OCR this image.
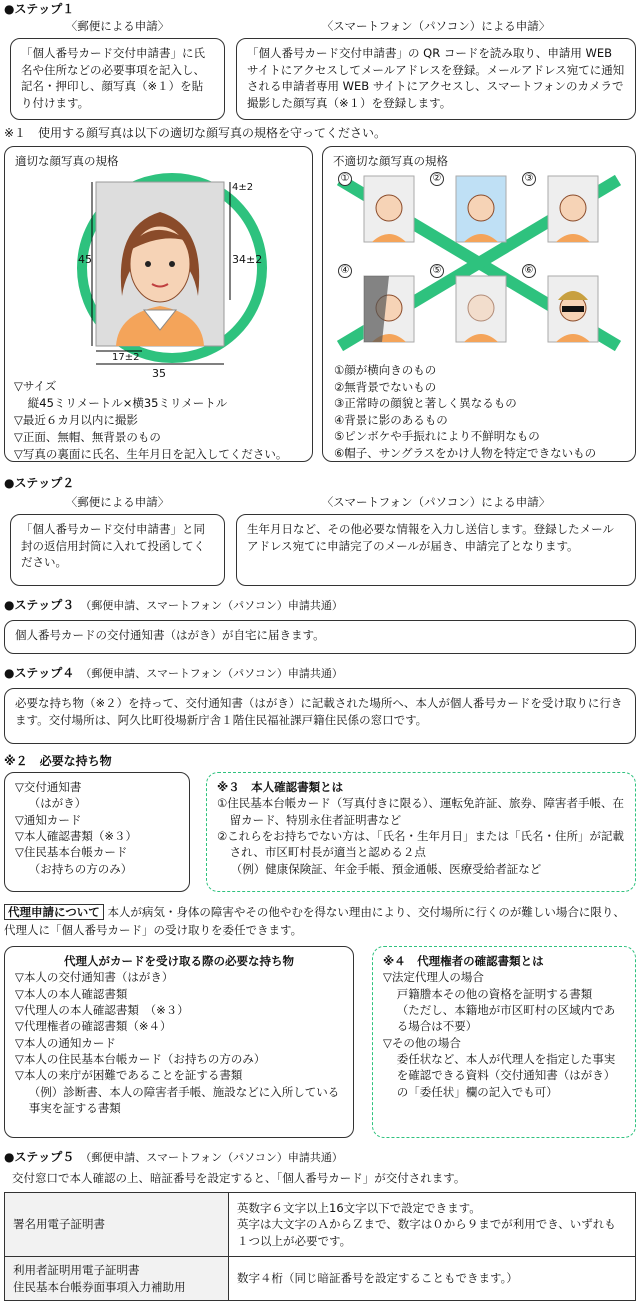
●ステップ１
〈郵便による申請〉	〈スマートフォン（パソコン）による申請〉
「個人番号カード交付申請書」に氏名や住所などの必要事項を記入し、記名・押印し、顔写真（※１）を貼り付けます。
「個人番号カード交付申請書」の QR コードを読み取り、申請用 WEB サイトにアクセスしてメールアドレスを登録。メールアドレス宛てに通知される申請者専用 WEB サイトにアクセスし、スマートフォンのカメラで撮影した顔写真（※１）を登録します。
※１　使用する顔写真は以下の適切な顔写真の規格を守ってください。
適切な顔写真の規格
45
4±2
34±2
17±2
35
▽サイズ
縦45ミリメートル×横35ミリメートル
▽最近６カ月以内に撮影
▽正面、無帽、無背景のもの
▽写真の裏面に氏名、生年月日を記入してください。
不適切な顔写真の規格
①	②	③
④	⑤	⑥
①顔が横向きのもの
②無背景でないもの
③正常時の顔貌と著しく異なるもの
④背景に影のあるもの
⑤ピンボケや手振れにより不鮮明なもの
⑥帽子、サングラスをかけ人物を特定できないもの
●ステップ２
〈郵便による申請〉	〈スマートフォン（パソコン）による申請〉
「個人番号カード交付申請書」と同封の返信用封筒に入れて投函してください。
生年月日など、その他必要な情報を入力し送信します。登録したメールアドレス宛てに申請完了のメールが届き、申請完了となります。
●ステップ３ （郵便申請、スマートフォン（パソコン）申請共通）
個人番号カードの交付通知書（はがき）が自宅に届きます。
●ステップ４ （郵便申請、スマートフォン（パソコン）申請共通）
必要な持ち物（※２）を持って、交付通知書（はがき）に記載された場所へ、本人が個人番号カードを受け取りに行きます。交付場所は、阿久比町役場新庁舎１階住民福祉課戸籍住民係の窓口です。
※２　必要な持ち物
▽交付通知書
（はがき）
▽通知カード
▽本人確認書類（※３）
▽住民基本台帳カード
（お持ちの方のみ）
※３　本人確認書類とは
①住民基本台帳カード（写真付きに限る）、運転免許証、旅券、障害者手帳、在留カード、特別永住者証明書など
②これらをお持ちでない方は、「氏名・生年月日」または「氏名・住所」が記載され、市区町村長が適当と認める２点
（例）健康保険証、年金手帳、預金通帳、医療受給者証など
代理申請について 本人が病気・身体の障害やその他やむを得ない理由により、交付場所に行くのが難しい場合に限り、代理人に「個人番号カード」の受け取りを委任できます。
代理人がカードを受け取る際の必要な持ち物
▽本人の交付通知書（はがき）
▽本人の本人確認書類
▽代理人の本人確認書類　（※３）
▽代理権者の確認書類（※４）
▽本人の通知カード
▽本人の住民基本台帳カード（お持ちの方のみ）
▽本人の来庁が困難であることを証する書類
（例）診断書、本人の障害者手帳、施設などに入所している事実を証する書類
※４　代理権者の確認書類とは
▽法定代理人の場合
戸籍謄本その他の資格を証明する書類
（ただし、本籍地が市区町村の区域内である場合は不要）
▽その他の場合
委任状など、本人が代理人を指定した事実を確認できる資料（交付通知書（はがき）の「委任状」欄の記入でも可）
●ステップ５ （郵便申請、スマートフォン（パソコン）申請共通）
交付窓口で本人確認の上、暗証番号を設定すると、「個人番号カード」が交付されます。
署名用電子証明書	英数字６文字以上16文字以下で設定できます。
英字は大文字のＡからＺまで、数字は０から９までが利用でき、いずれも１つ以上が必要です。
利用者証明用電子証明書
住民基本台帳券面事項入力補助用	数字４桁（同じ暗証番号を設定することもできます。）
